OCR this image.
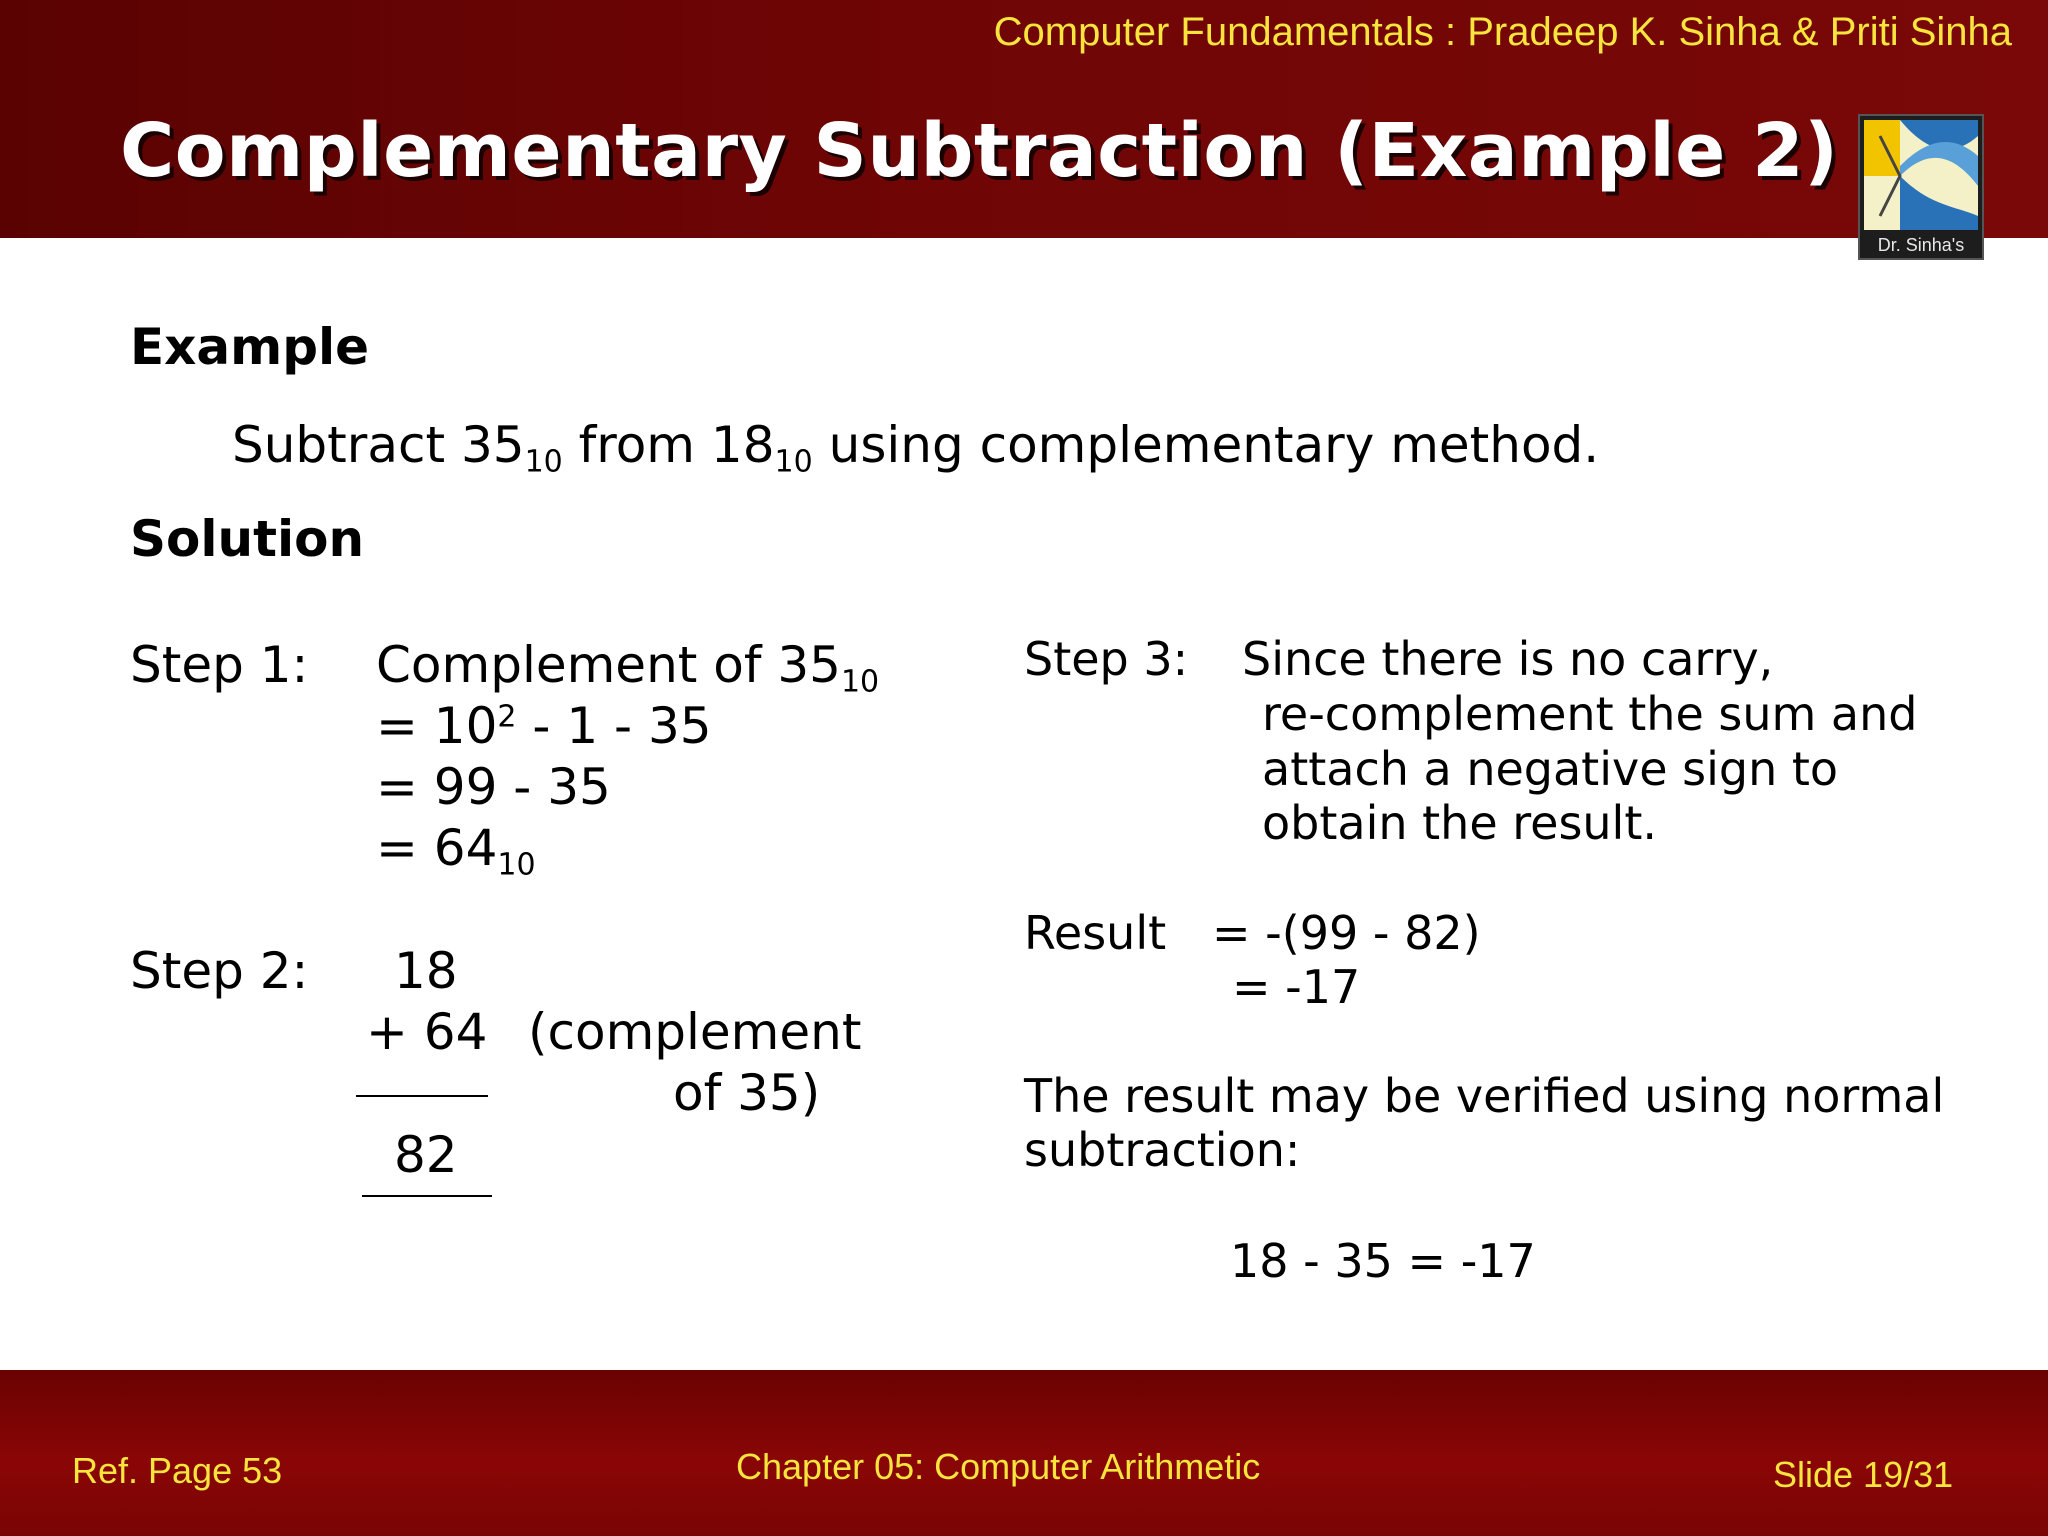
Computer Fundamentals : Pradeep K. Sinha & Priti Sinha
Complementary Subtraction (Example 2)
Dr. Sinha's
Example
Subtract $35_{10}$ from $18_{10}$ using complementary method.
Solution
Step 1: Complement of $35_{10}$
= $10^2 - 1 - 35$
= 99 - 35
= $64_{10}$
Step 2: 18
+ 64 (complement
of 35)
82
Step 3: Since there is no carry,
re-complement the sum and
attach a negative sign to
obtain the result.
Result = -(99 - 82)
= -17
The result may be verified using normal
subtraction:
18 - 35 = -17
Ref. Page 53	Chapter 05: Computer Arithmetic	Slide 19/31
